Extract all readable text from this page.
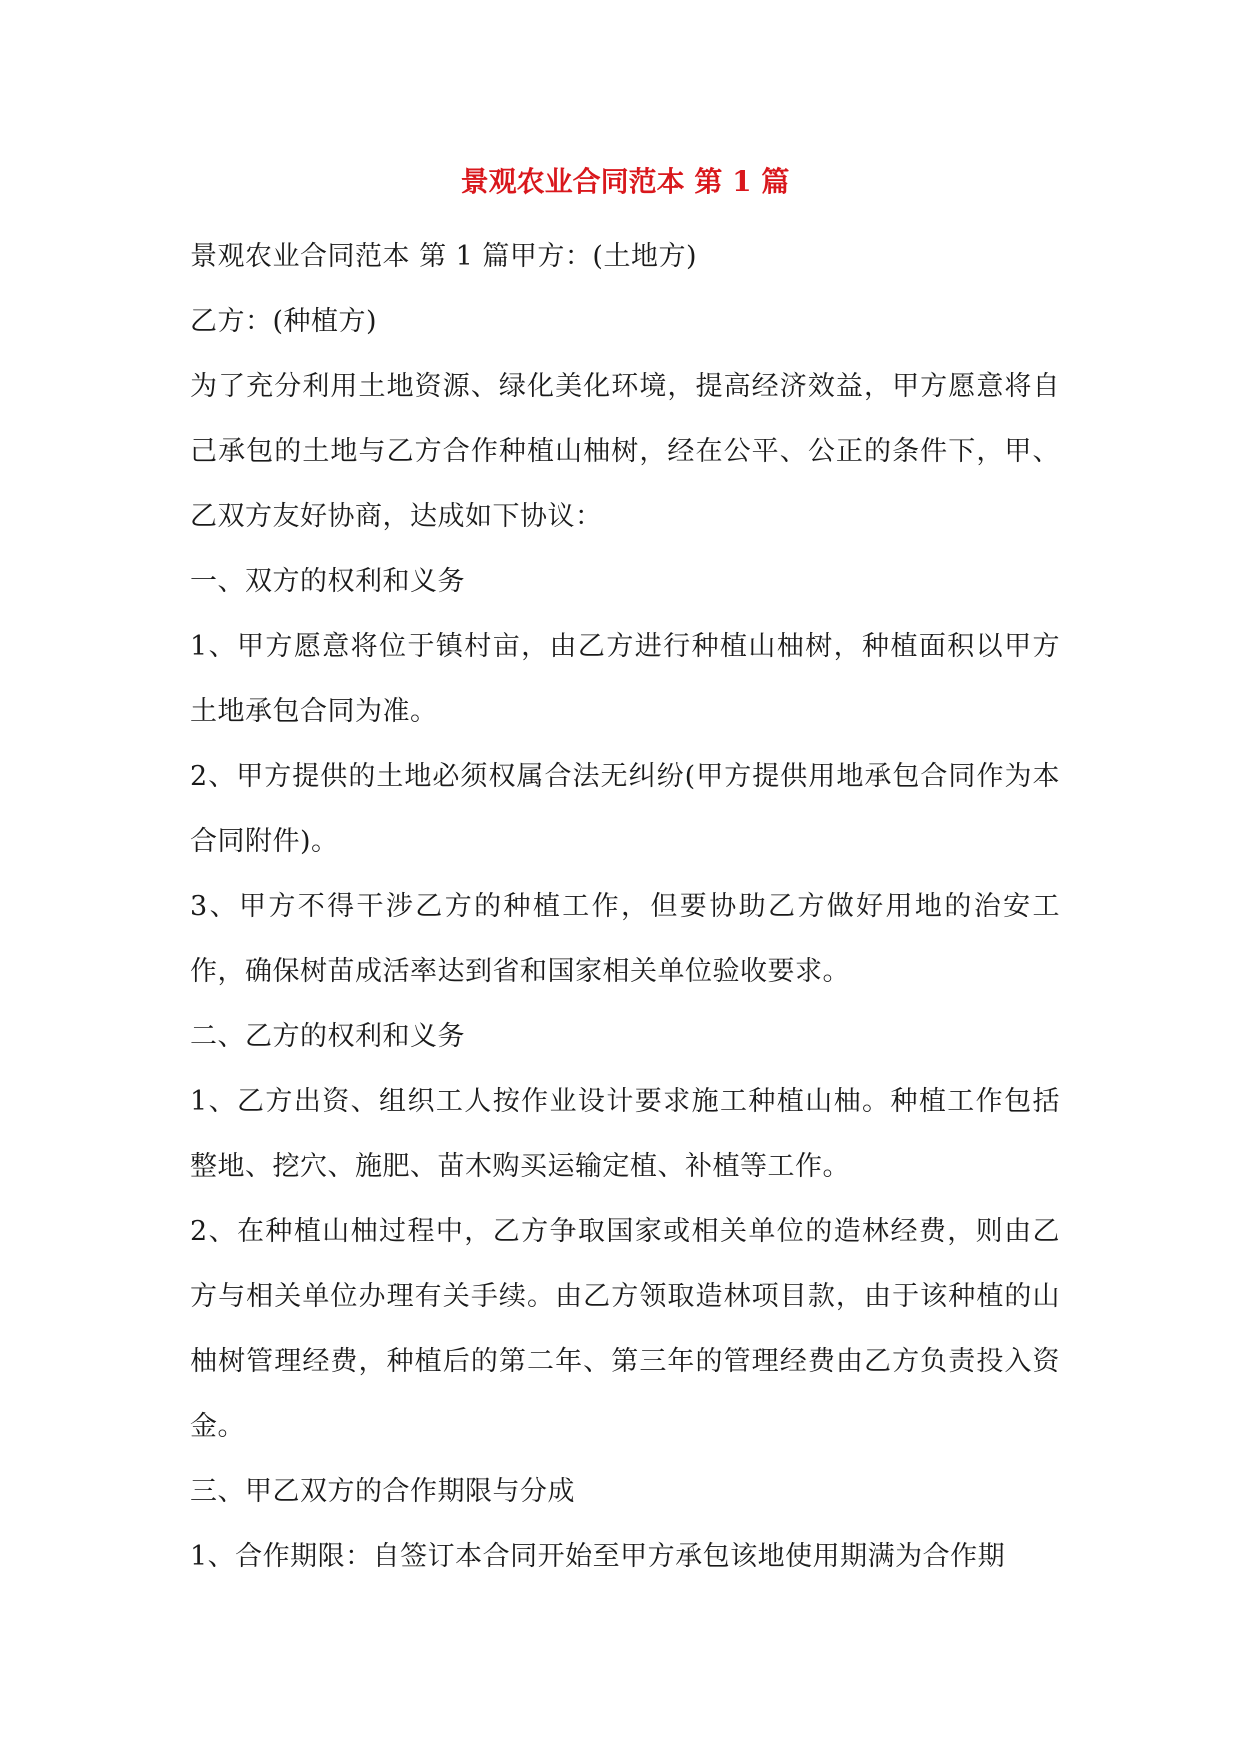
景观农业合同范本 第 1 篇

景观农业合同范本 第 1 篇甲方：(土地方)

乙方：(种植方)

为了充分利用土地资源、绿化美化环境，提高经济效益，甲方愿意将自己承包的土地与乙方合作种植山柚树，经在公平、公正的条件下，甲、乙双方友好协商，达成如下协议：

一、双方的权利和义务

1、甲方愿意将位于镇村亩，由乙方进行种植山柚树，种植面积以甲方土地承包合同为准。

2、甲方提供的土地必须权属合法无纠纷(甲方提供用地承包合同作为本合同附件)。

3、甲方不得干涉乙方的种植工作，但要协助乙方做好用地的治安工作，确保树苗成活率达到省和国家相关单位验收要求。

二、乙方的权利和义务

1、乙方出资、组织工人按作业设计要求施工种植山柚。种植工作包括整地、挖穴、施肥、苗木购买运输定植、补植等工作。

2、在种植山柚过程中，乙方争取国家或相关单位的造林经费，则由乙方与相关单位办理有关手续。由乙方领取造林项目款，由于该种植的山柚树管理经费，种植后的第二年、第三年的管理经费由乙方负责投入资金。

三、甲乙双方的合作期限与分成

1、合作期限：自签订本合同开始至甲方承包该地使用期满为合作期
